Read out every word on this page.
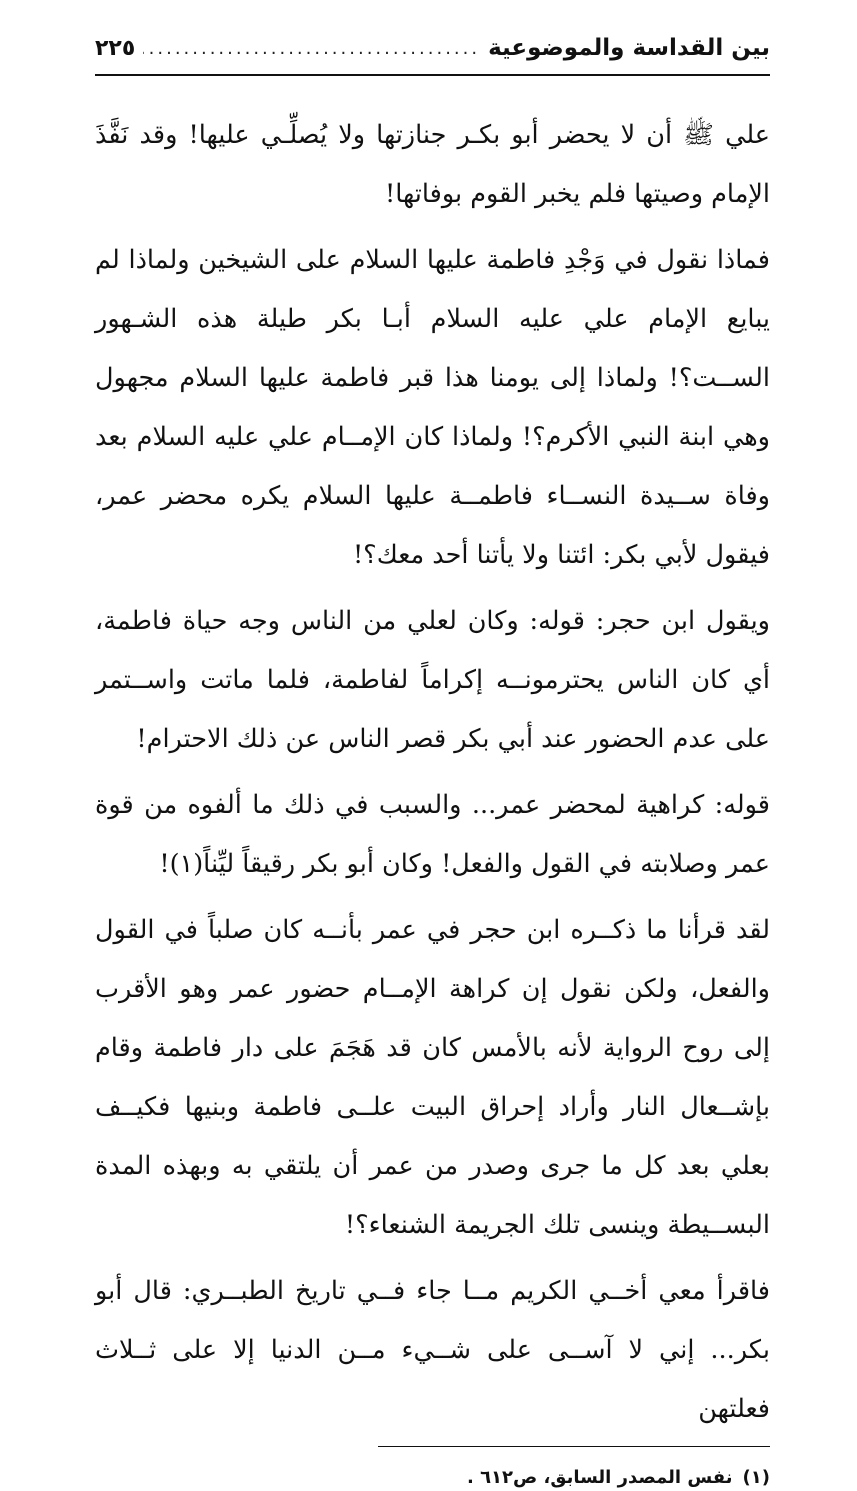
بين القداسة والموضوعية
.....
٢٢٥

علي ﷺ أن لا يحضر أبو بكـر جنازتها ولا يُصلِّـي عليها! وقد نَفَّذَ الإمام وصيتها فلم يخبر القوم بوفاتها!

فماذا نقول في وَجْدِ فاطمة عليها السلام على الشيخين ولماذا لم يبايع الإمام علي عليه السلام أبـا بكر طيلة هذه الشـهور الســت؟! ولماذا إلى يومنا هذا قبر فاطمة عليها السلام مجهول وهي ابنة النبي الأكرم؟! ولماذا كان الإمــام علي عليه السلام بعد وفاة ســيدة النســاء فاطمــة عليها السلام يكره محضر عمر، فيقول لأبي بكر: ائتنا ولا يأتنا أحد معك؟!

ويقول ابن حجر: قوله: وكان لعلي من الناس وجه حياة فاطمة، أي كان الناس يحترمونــه إكراماً لفاطمة، فلما ماتت واســتمر على عدم الحضور عند أبي بكر قصر الناس عن ذلك الاحترام!

قوله: كراهية لمحضر عمر... والسبب في ذلك ما ألفوه من قوة عمر وصلابته في القول والفعل! وكان أبو بكر رقيقاً ليِّناً(١)!

لقد قرأنا ما ذكــره ابن حجر في عمر بأنــه كان صلباً في القول والفعل، ولكن نقول إن كراهة الإمــام حضور عمر وهو الأقرب إلى روح الرواية لأنه بالأمس كان قد هَجَمَ على دار فاطمة وقام بإشــعال النار وأراد إحراق البيت علــى فاطمة وبنيها فكيــف بعلي بعد كل ما جرى وصدر من عمر أن يلتقي به وبهذه المدة البســيطة وينسى تلك الجريمة الشنعاء؟!

فاقرأ معي أخــي الكريم مــا جاء فــي تاريخ الطبــري: قال أبو بكر... إني لا آســى على شــيء مــن الدنيا إلا على ثــلاث فعلتهن

(١)نفس المصدر السابق، ص٦١٢ .
